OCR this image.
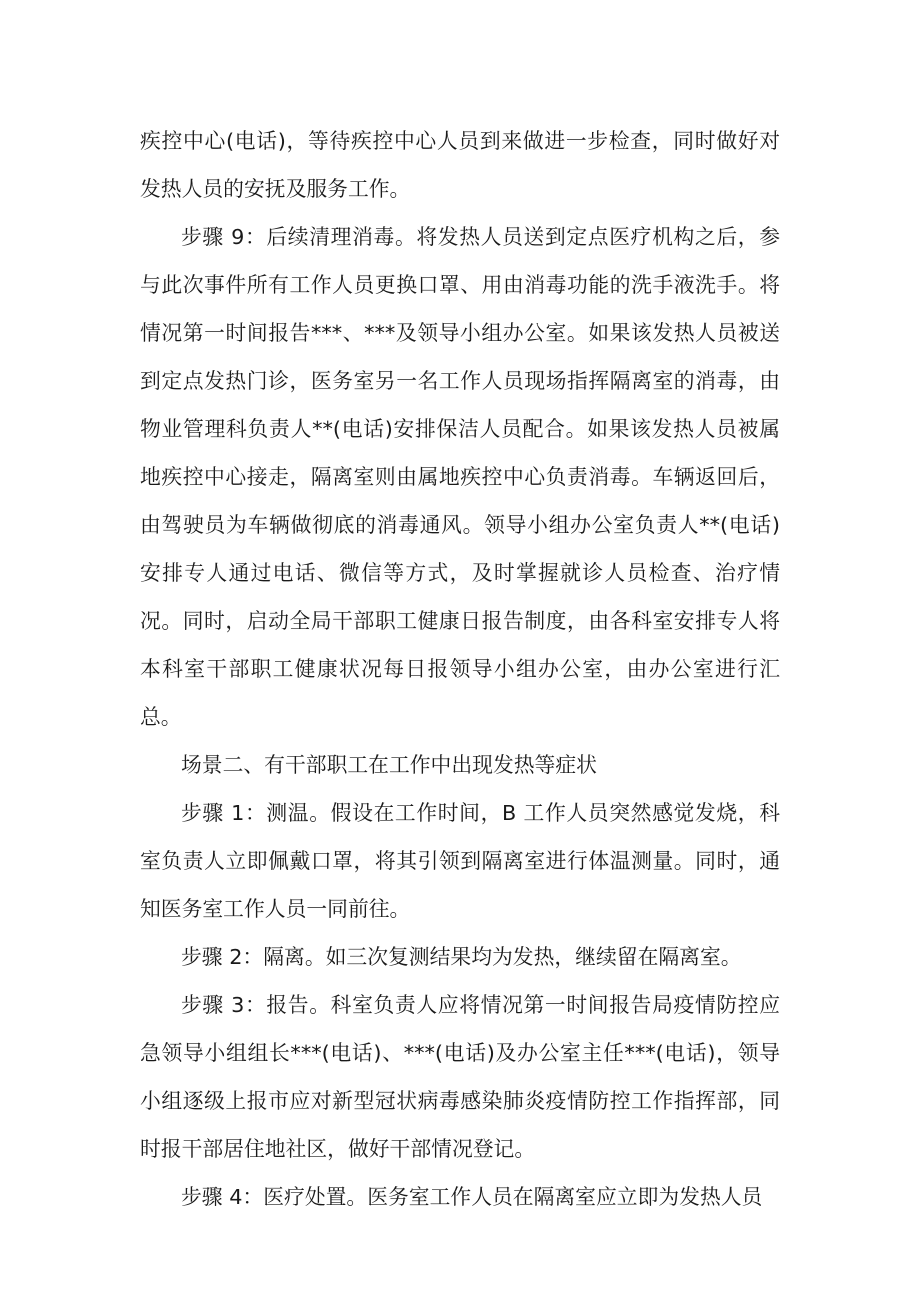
疾控中心(电话)，等待疾控中心人员到来做进一步检查，同时做好对发热人员的安抚及服务工作。

步骤 9：后续清理消毒。将发热人员送到定点医疗机构之后，参与此次事件所有工作人员更换口罩、用由消毒功能的洗手液洗手。将情况第一时间报告***、***及领导小组办公室。如果该发热人员被送到定点发热门诊，医务室另一名工作人员现场指挥隔离室的消毒，由物业管理科负责人**(电话)安排保洁人员配合。如果该发热人员被属地疾控中心接走，隔离室则由属地疾控中心负责消毒。车辆返回后，由驾驶员为车辆做彻底的消毒通风。领导小组办公室负责人**(电话)安排专人通过电话、微信等方式，及时掌握就诊人员检查、治疗情况。同时，启动全局干部职工健康日报告制度，由各科室安排专人将本科室干部职工健康状况每日报领导小组办公室，由办公室进行汇总。

场景二、有干部职工在工作中出现发热等症状

步骤 1：测温。假设在工作时间，B 工作人员突然感觉发烧，科室负责人立即佩戴口罩，将其引领到隔离室进行体温测量。同时，通知医务室工作人员一同前往。

步骤 2：隔离。如三次复测结果均为发热，继续留在隔离室。

步骤 3：报告。科室负责人应将情况第一时间报告局疫情防控应急领导小组组长***(电话)、***(电话)及办公室主任***(电话)，领导小组逐级上报市应对新型冠状病毒感染肺炎疫情防控工作指挥部，同时报干部居住地社区，做好干部情况登记。

步骤 4：医疗处置。医务室工作人员在隔离室应立即为发热人员
